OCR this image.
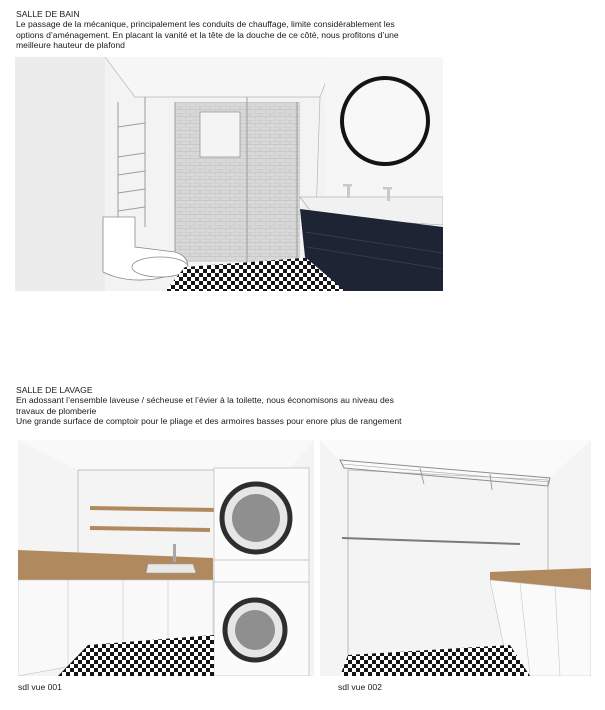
SALLE DE BAIN
Le passage de la mécanique, principalement les conduits de chauffage, limite considérablement les
options d’aménagement. En placant la vanité et la tête de la douche de ce côté, nous profitons d’une
meilleure hauteur de plafond
SALLE DE LAVAGE
En adossant l’ensemble laveuse / sécheuse et l’évier à la toilette, nous économisons au niveau des
travaux de plomberie
Une grande surface de comptoir pour le pliage et des armoires basses pour enore plus de rangement
sdl vue 001	sdl vue 002
